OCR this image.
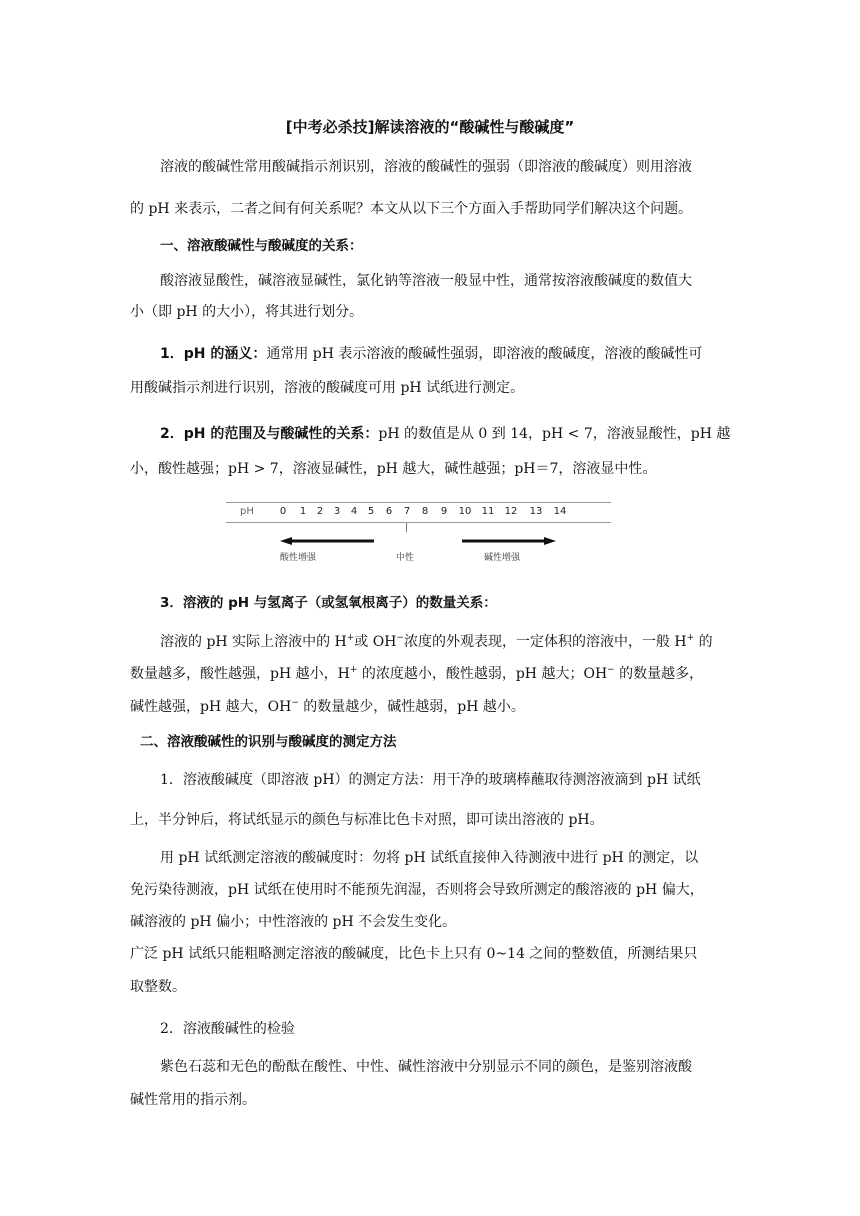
[中考必杀技]解读溶液的“酸碱性与酸碱度”
溶液的酸碱性常用酸碱指示剂识别，溶液的酸碱性的强弱（即溶液的酸碱度）则用溶液
的 pH 来表示，二者之间有何关系呢？本文从以下三个方面入手帮助同学们解决这个问题。
一、溶液酸碱性与酸碱度的关系：
酸溶液显酸性，碱溶液显碱性，氯化钠等溶液一般显中性，通常按溶液酸碱度的数值大
小（即 pH 的大小），将其进行划分。
1．pH 的涵义：通常用 pH 表示溶液的酸碱性强弱，即溶液的酸碱度，溶液的酸碱性可
用酸碱指示剂进行识别，溶液的酸碱度可用 pH 试纸进行测定。
2．pH 的范围及与酸碱性的关系：pH 的数值是从 0 到 14，pH < 7，溶液显酸性，pH 越
小，酸性越强；pH > 7，溶液显碱性，pH 越大，碱性越强；pH＝7，溶液显中性。
pH	0 1 2 3 4 5 6 7 8 9 10 11 12 13 14
酸性增强	中性	碱性增强
3．溶液的 pH 与氢离子（或氢氧根离子）的数量关系：
溶液的 pH 实际上溶液中的 H+或 OH−浓度的外观表现，一定体积的溶液中，一般 H+ 的
数量越多，酸性越强，pH 越小，H+ 的浓度越小，酸性越弱，pH 越大；OH− 的数量越多，
碱性越强，pH 越大，OH− 的数量越少，碱性越弱，pH 越小。
二、溶液酸碱性的识别与酸碱度的测定方法
1．溶液酸碱度（即溶液 pH）的测定方法：用干净的玻璃棒蘸取待测溶液滴到 pH 试纸
上，半分钟后，将试纸显示的颜色与标准比色卡对照，即可读出溶液的 pH。
用 pH 试纸测定溶液的酸碱度时：勿将 pH 试纸直接伸入待测液中进行 pH 的测定，以
免污染待测液，pH 试纸在使用时不能预先润湿，否则将会导致所测定的酸溶液的 pH 偏大，
碱溶液的 pH 偏小；中性溶液的 pH 不会发生变化。
广泛 pH 试纸只能粗略测定溶液的酸碱度，比色卡上只有 0~14 之间的整数值，所测结果只
取整数。
2．溶液酸碱性的检验
紫色石蕊和无色的酚酞在酸性、中性、碱性溶液中分别显示不同的颜色，是鉴别溶液酸
碱性常用的指示剂。
